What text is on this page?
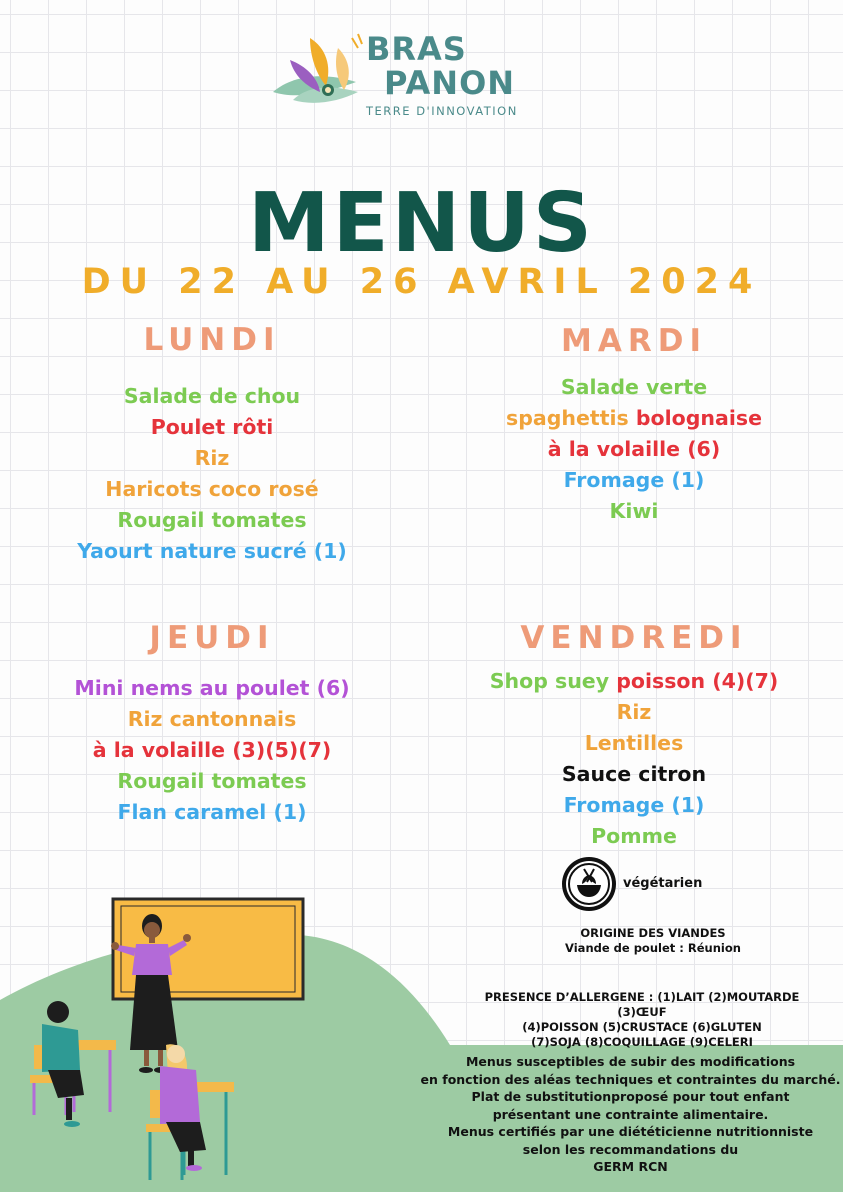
BRAS
PANON
TERRE D'INNOVATION
MENUS
DU 22 AU 26 AVRIL 2024
LUNDI
Salade de chou
Poulet rôti
Riz
Haricots coco rosé
Rougail tomates
Yaourt nature sucré (1)
MARDI
Salade verte
spaghettis bolognaise
à la volaille (6)
Fromage (1)
Kiwi
JEUDI
Mini nems au poulet (6)
Riz cantonnais
à la volaille (3)(5)(7)
Rougail tomates
Flan caramel (1)
VENDREDI
Shop suey poisson (4)(7)
Riz
Lentilles
Sauce citron
Fromage (1)
Pomme
végétarien
ORIGINE DES VIANDES
Viande de poulet : Réunion
PRESENCE D’ALLERGENE : (1)LAIT (2)MOUTARDE (3)ŒUF
(4)POISSON (5)CRUSTACE (6)GLUTEN
(7)SOJA (8)COQUILLAGE (9)CELERI
Menus susceptibles de subir des modifications
en fonction des aléas techniques et contraintes du marché.
Plat de substitutionproposé pour tout enfant
présentant une contrainte alimentaire.
Menus certifiés par une diététicienne nutritionniste
selon les recommandations du
GERM RCN
